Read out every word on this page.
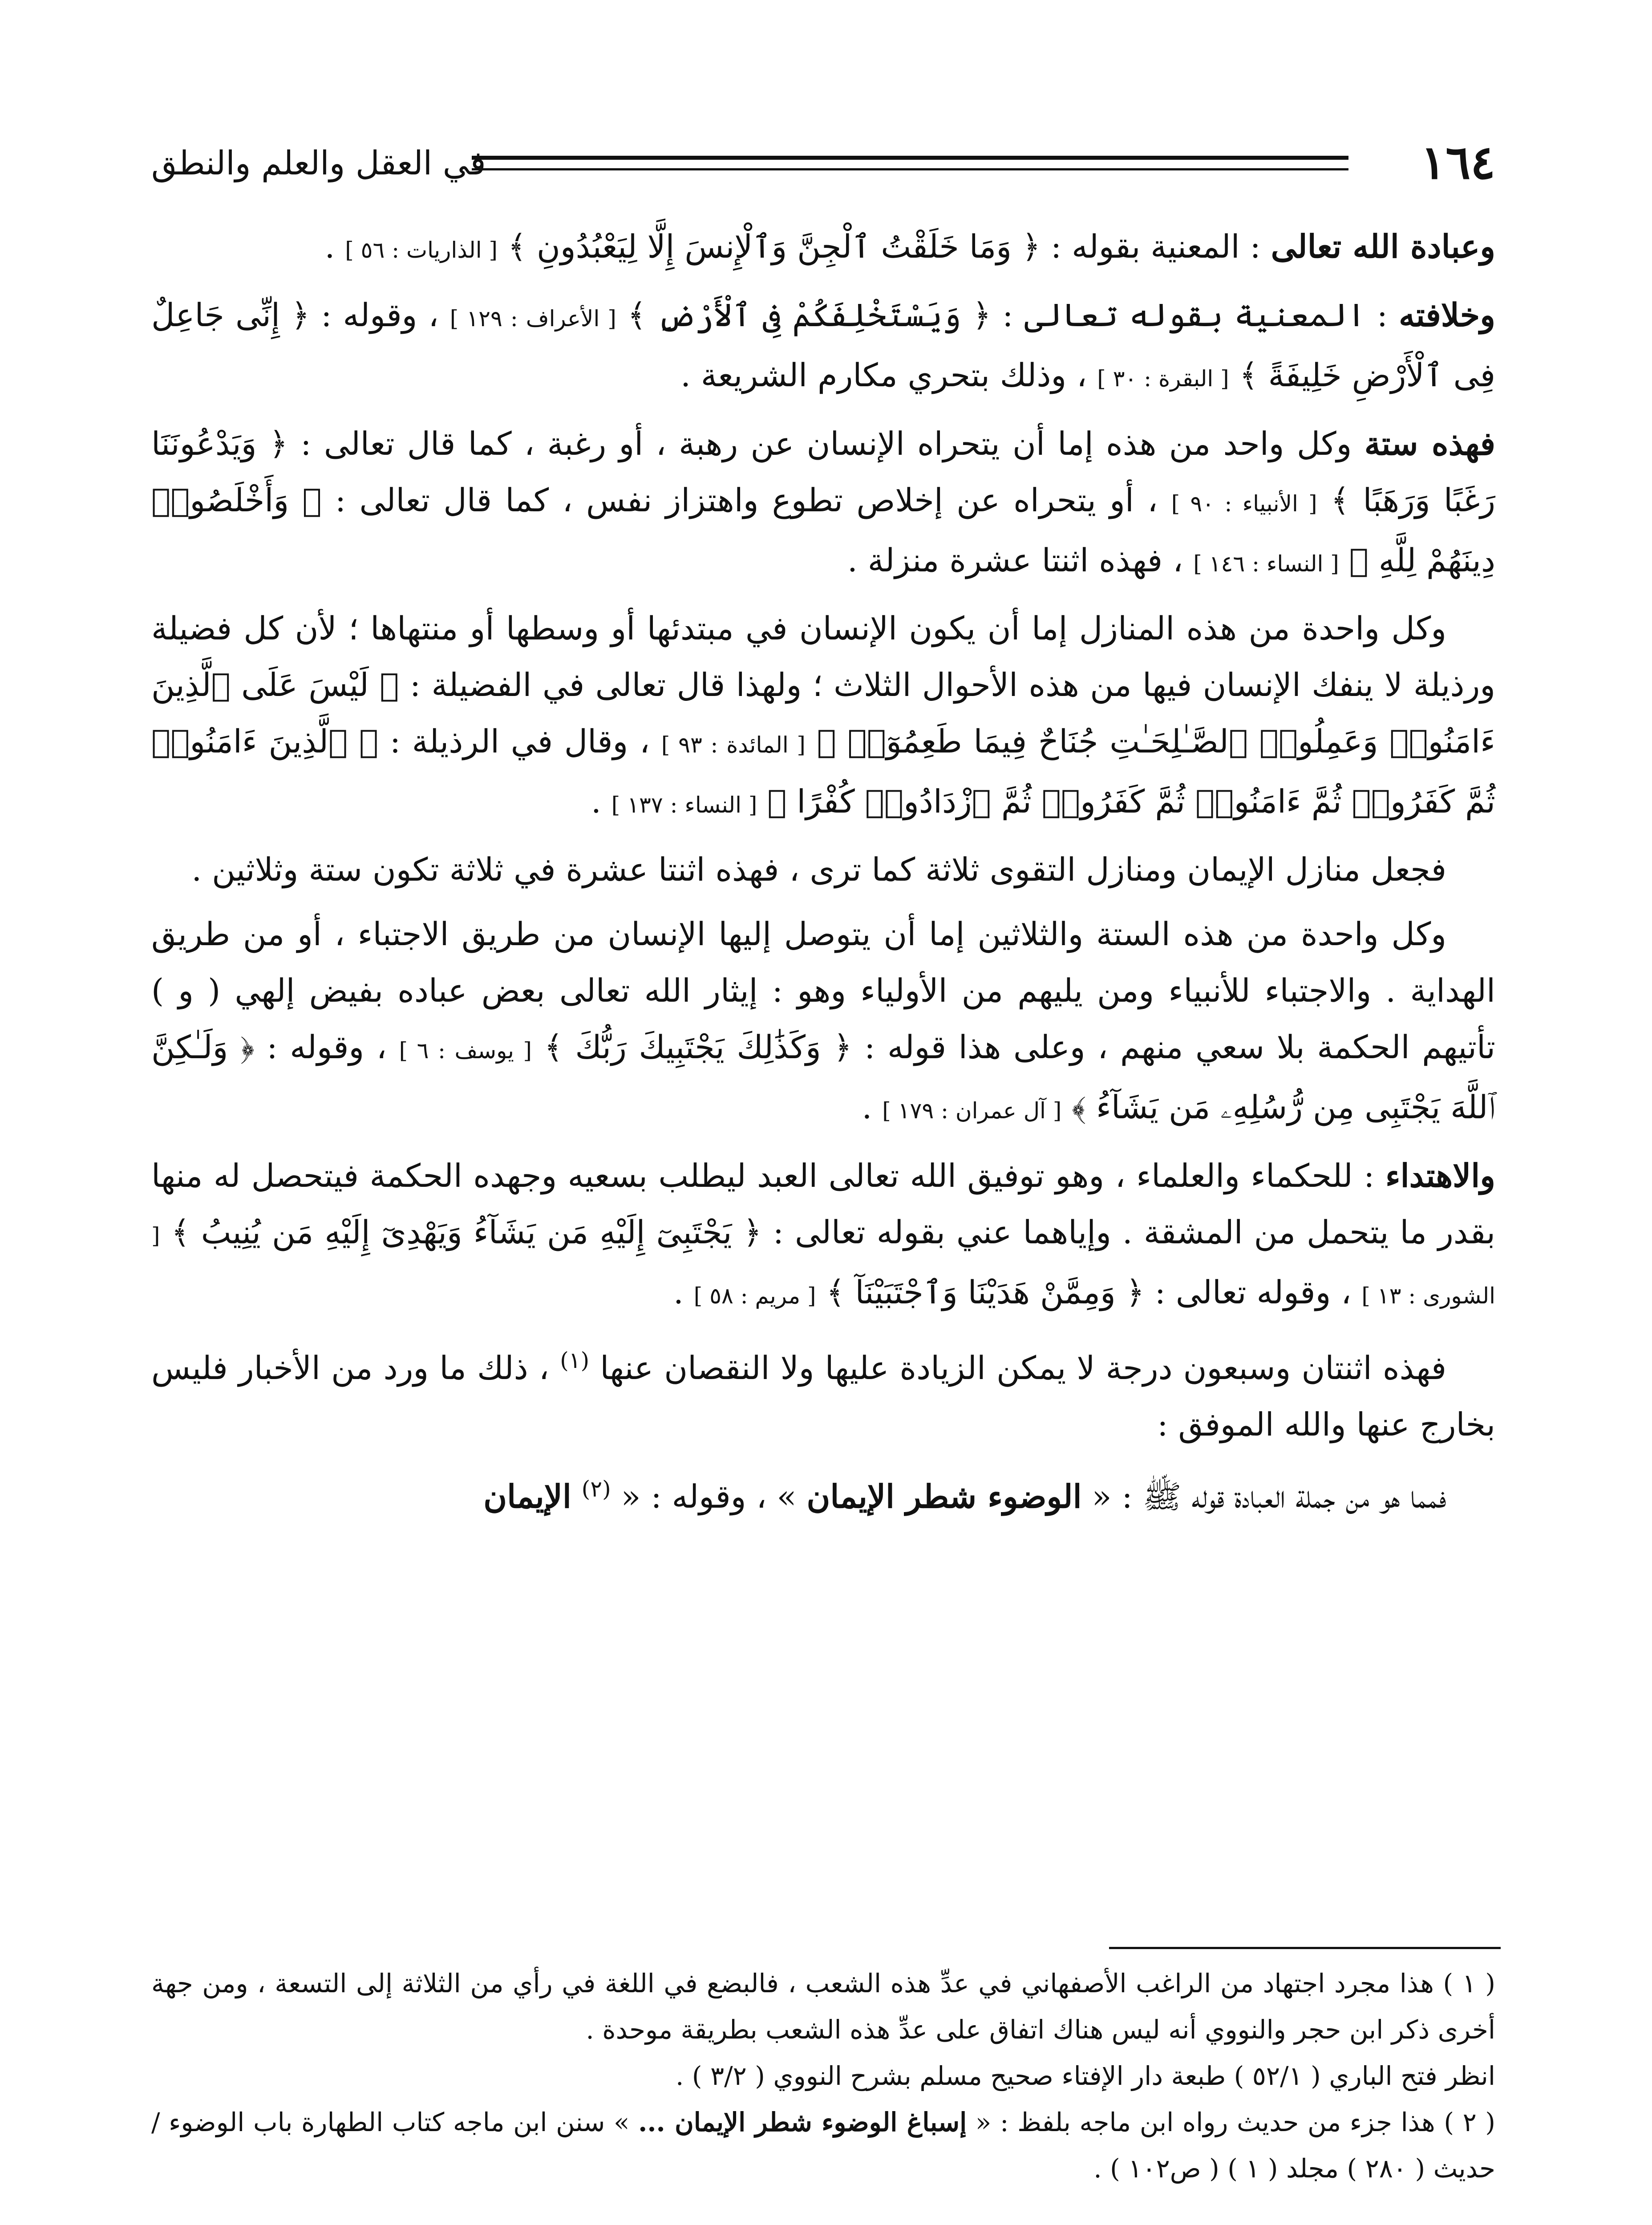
١٦٤
في العقل والعلم والنطق

وعبادة الله تعالى : المعنية بقوله : ﴿ وَمَا خَلَقْتُ ٱلْجِنَّ وَٱلْإِنسَ إِلَّا لِيَعْبُدُونِ ﴾ [ الذاريات : ٥٦ ] .

وخلافته : المعنية بقوله تعالى : ﴿ وَيَسْتَخْلِفَكُمْ فِى ٱلْأَرْضِ ﴾ [ الأعراف : ١٢٩ ] ، وقوله : ﴿ إِنِّى جَاعِلٌ فِى ٱلْأَرْضِ خَلِيفَةً ﴾ [ البقرة : ٣٠ ] ، وذلك بتحري مكارم الشريعة .

فهذه ستة وكل واحد من هذه إما أن يتحراه الإنسان عن رهبة ، أو رغبة ، كما قال تعالى : ﴿ وَيَدْعُونَنَا رَغَبًا وَرَهَبًا ﴾ [ الأنبياء : ٩٠ ] ، أو يتحراه عن إخلاص تطوع واهتزاز نفس ، كما قال تعالى : ﴿ وَأَخْلَصُوا۟ دِينَهُمْ لِلَّهِ ﴾ [ النساء : ١٤٦ ] ، فهذه اثنتا عشرة منزلة .

وكل واحدة من هذه المنازل إما أن يكون الإنسان في مبتدئها أو وسطها أو منتهاها ؛ لأن كل فضيلة ورذيلة لا ينفك الإنسان فيها من هذه الأحوال الثلاث ؛ ولهذا قال تعالى في الفضيلة : ﴿ لَيْسَ عَلَى ٱلَّذِينَ ءَامَنُوا۟ وَعَمِلُوا۟ ٱلصَّـٰلِحَـٰتِ جُنَاحٌ فِيمَا طَعِمُوٓا۟ ﴾ [ المائدة : ٩٣ ] ، وقال في الرذيلة : ﴿ ٱلَّذِينَ ءَامَنُوا۟ ثُمَّ كَفَرُوا۟ ثُمَّ ءَامَنُوا۟ ثُمَّ كَفَرُوا۟ ثُمَّ ٱزْدَادُوا۟ كُفْرًا ﴾ [ النساء : ١٣٧ ] .

فجعل منازل الإيمان ومنازل التقوى ثلاثة كما ترى ، فهذه اثنتا عشرة في ثلاثة تكون ستة وثلاثين .

وكل واحدة من هذه الستة والثلاثين إما أن يتوصل إليها الإنسان من طريق الاجتباء ، أو من طريق الهداية . والاجتباء للأنبياء ومن يليهم من الأولياء وهو : إيثار الله تعالى بعض عباده بفيض إلهي ( و ) تأتيهم الحكمة بلا سعي منهم ، وعلى هذا قوله : ﴿ وَكَذَٰلِكَ يَجْتَبِيكَ رَبُّكَ ﴾ [ يوسف : ٦ ] ، وقوله : ﴿ وَلَـٰكِنَّ ٱللَّهَ يَجْتَبِى مِن رُّسُلِهِۦ مَن يَشَآءُ ﴾ [ آل عمران : ١٧٩ ] .

والاهتداء : للحكماء والعلماء ، وهو توفيق الله تعالى العبد ليطلب بسعيه وجهده الحكمة فيتحصل له منها بقدر ما يتحمل من المشقة . وإياهما عني بقوله تعالى : ﴿ يَجْتَبِىٓ إِلَيْهِ مَن يَشَآءُ وَيَهْدِىٓ إِلَيْهِ مَن يُنِيبُ ﴾ [ الشورى : ١٣ ] ، وقوله تعالى : ﴿ وَمِمَّنْ هَدَيْنَا وَٱجْتَبَيْنَآ ﴾ [ مريم : ٥٨ ] .

فهذه اثنتان وسبعون درجة لا يمكن الزيادة عليها ولا النقصان عنها $^{(١)}$ ، ذلك ما ورد من الأخبار فليس بخارج عنها والله الموفق :

فمما هو من جملة العبادة قوله ﷺ : « الوضوء شطر الإيمان » ، وقوله : « $^{(٢)}$ الإيمان

( ١ ) هذا مجرد اجتهاد من الراغب الأصفهاني في عدِّ هذه الشعب ، فالبضع في اللغة في رأي من الثلاثة إلى التسعة ، ومن جهة أخرى ذكر ابن حجر والنووي أنه ليس هناك اتفاق على عدِّ هذه الشعب بطريقة موحدة .

انظر فتح الباري ( ٥٢/١ ) طبعة دار الإفتاء صحيح مسلم بشرح النووي ( ٣/٢ ) .

( ٢ ) هذا جزء من حديث رواه ابن ماجه بلفظ : « إسباغ الوضوء شطر الإيمان ... » سنن ابن ماجه كتاب الطهارة باب الوضوء / حديث ( ٢٨٠ ) مجلد ( ١ ) ( ص١٠٢ ) .
